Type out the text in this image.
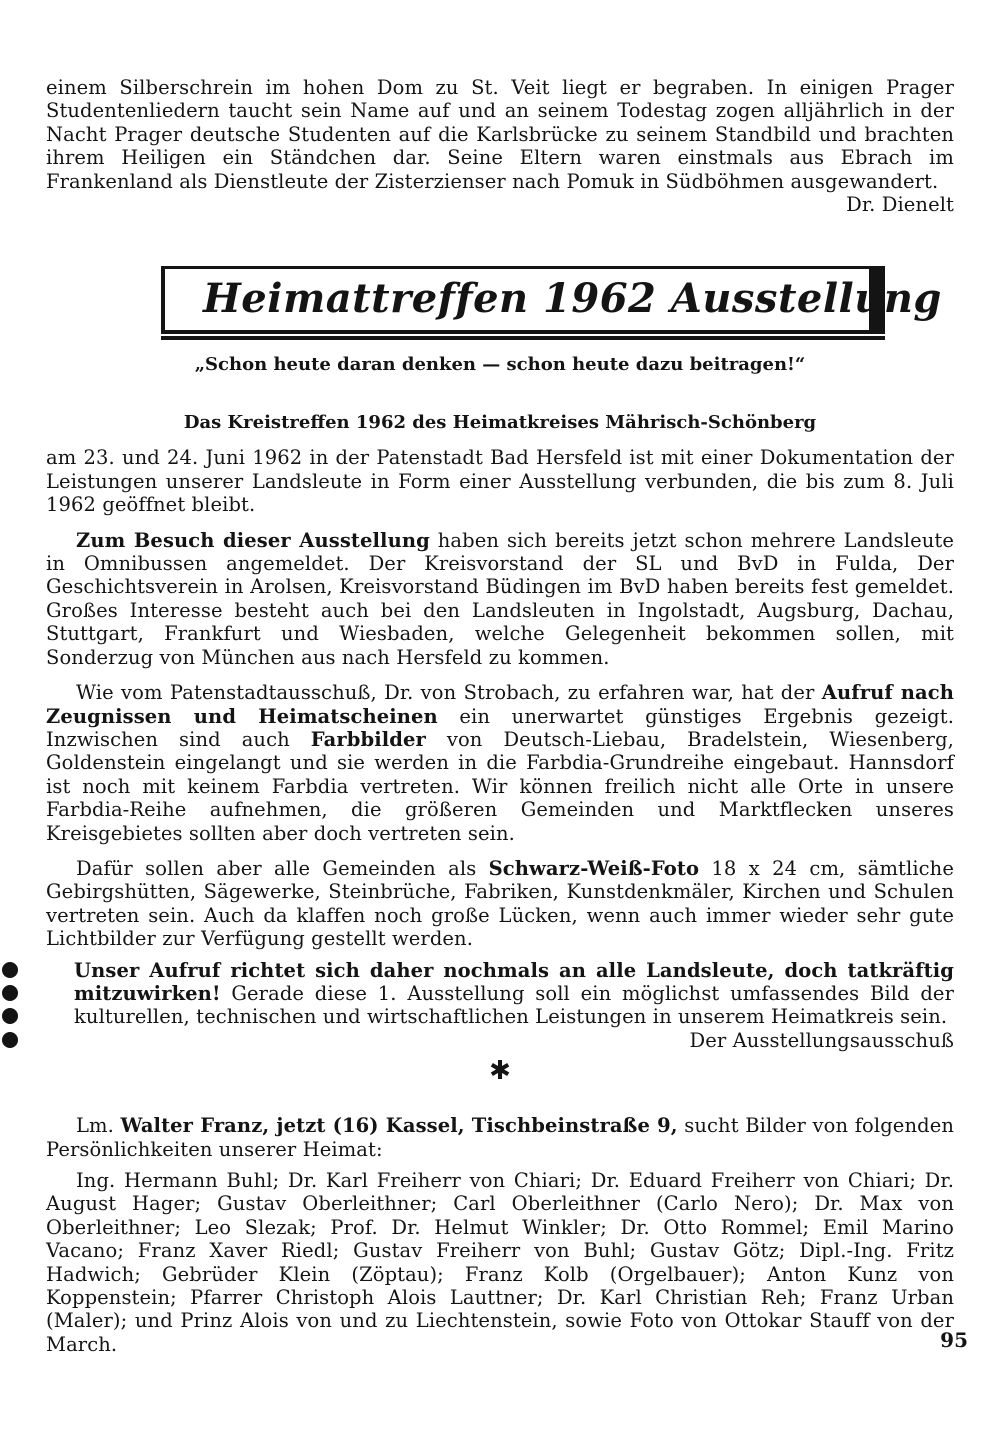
einem Silberschrein im hohen Dom zu St. Veit liegt er begraben. In einigen Prager Studentenliedern taucht sein Name auf und an seinem Todestag zogen alljährlich in der Nacht Prager deutsche Studenten auf die Karlsbrücke zu seinem Standbild und brachten ihrem Heiligen ein Ständchen dar. Seine Eltern waren einstmals aus Ebrach im Frankenland als Dienstleute der Zisterzienser nach Pomuk in Südböhmen ausgewandert.
Dr. Dienelt

Heimattreffen 1962 Ausstellung
„Schon heute daran denken — schon heute dazu beitragen!“
Das Kreistreffen 1962 des Heimatkreises Mährisch-Schönberg

am 23. und 24. Juni 1962 in der Patenstadt Bad Hersfeld ist mit einer Dokumentation der Leistungen unserer Landsleute in Form einer Ausstellung verbunden, die bis zum 8. Juli 1962 geöffnet bleibt.

Zum Besuch dieser Ausstellung haben sich bereits jetzt schon mehrere Landsleute in Omnibussen angemeldet. Der Kreisvorstand der SL und BvD in Fulda, Der Geschichtsverein in Arolsen, Kreisvorstand Büdingen im BvD haben bereits fest gemeldet. Großes Interesse besteht auch bei den Landsleuten in Ingolstadt, Augsburg, Dachau, Stuttgart, Frankfurt und Wiesbaden, welche Gelegenheit bekommen sollen, mit Sonderzug von München aus nach Hersfeld zu kommen.

Wie vom Patenstadtausschuß, Dr. von Strobach, zu erfahren war, hat der Aufruf nach Zeugnissen und Heimatscheinen ein unerwartet günstiges Ergebnis gezeigt. Inzwischen sind auch Farbbilder von Deutsch-Liebau, Bradelstein, Wiesenberg, Goldenstein eingelangt und sie werden in die Farbdia-Grundreihe eingebaut. Hannsdorf ist noch mit keinem Farbdia vertreten. Wir können freilich nicht alle Orte in unsere Farbdia-Reihe aufnehmen, die größeren Gemeinden und Marktflecken unseres Kreisgebietes sollten aber doch vertreten sein.

Dafür sollen aber alle Gemeinden als Schwarz-Weiß-Foto 18 x 24 cm, sämtliche Gebirgshütten, Sägewerke, Steinbrüche, Fabriken, Kunstdenkmäler, Kirchen und Schulen vertreten sein. Auch da klaffen noch große Lücken, wenn auch immer wieder sehr gute Lichtbilder zur Verfügung gestellt werden.

Unser Aufruf richtet sich daher nochmals an alle Landsleute, doch tatkräftig mitzuwirken! Gerade diese 1. Ausstellung soll ein möglichst umfassendes Bild der kulturellen, technischen und wirtschaftlichen Leistungen in unserem Heimatkreis sein.
Der Ausstellungsausschuß

✱

Lm. Walter Franz, jetzt (16) Kassel, Tischbeinstraße 9, sucht Bilder von folgenden Persönlichkeiten unserer Heimat:

Ing. Hermann Buhl; Dr. Karl Freiherr von Chiari; Dr. Eduard Freiherr von Chiari; Dr. August Hager; Gustav Oberleithner; Carl Oberleithner (Carlo Nero); Dr. Max von Oberleithner; Leo Slezak; Prof. Dr. Helmut Winkler; Dr. Otto Rommel; Emil Marino Vacano; Franz Xaver Riedl; Gustav Freiherr von Buhl; Gustav Götz; Dipl.-Ing. Fritz Hadwich; Gebrüder Klein (Zöptau); Franz Kolb (Orgelbauer); Anton Kunz von Koppenstein; Pfarrer Christoph Alois Lauttner; Dr. Karl Christian Reh; Franz Urban (Maler); und Prinz Alois von und zu Liechtenstein, sowie Foto von Ottokar Stauff von der March.	95
